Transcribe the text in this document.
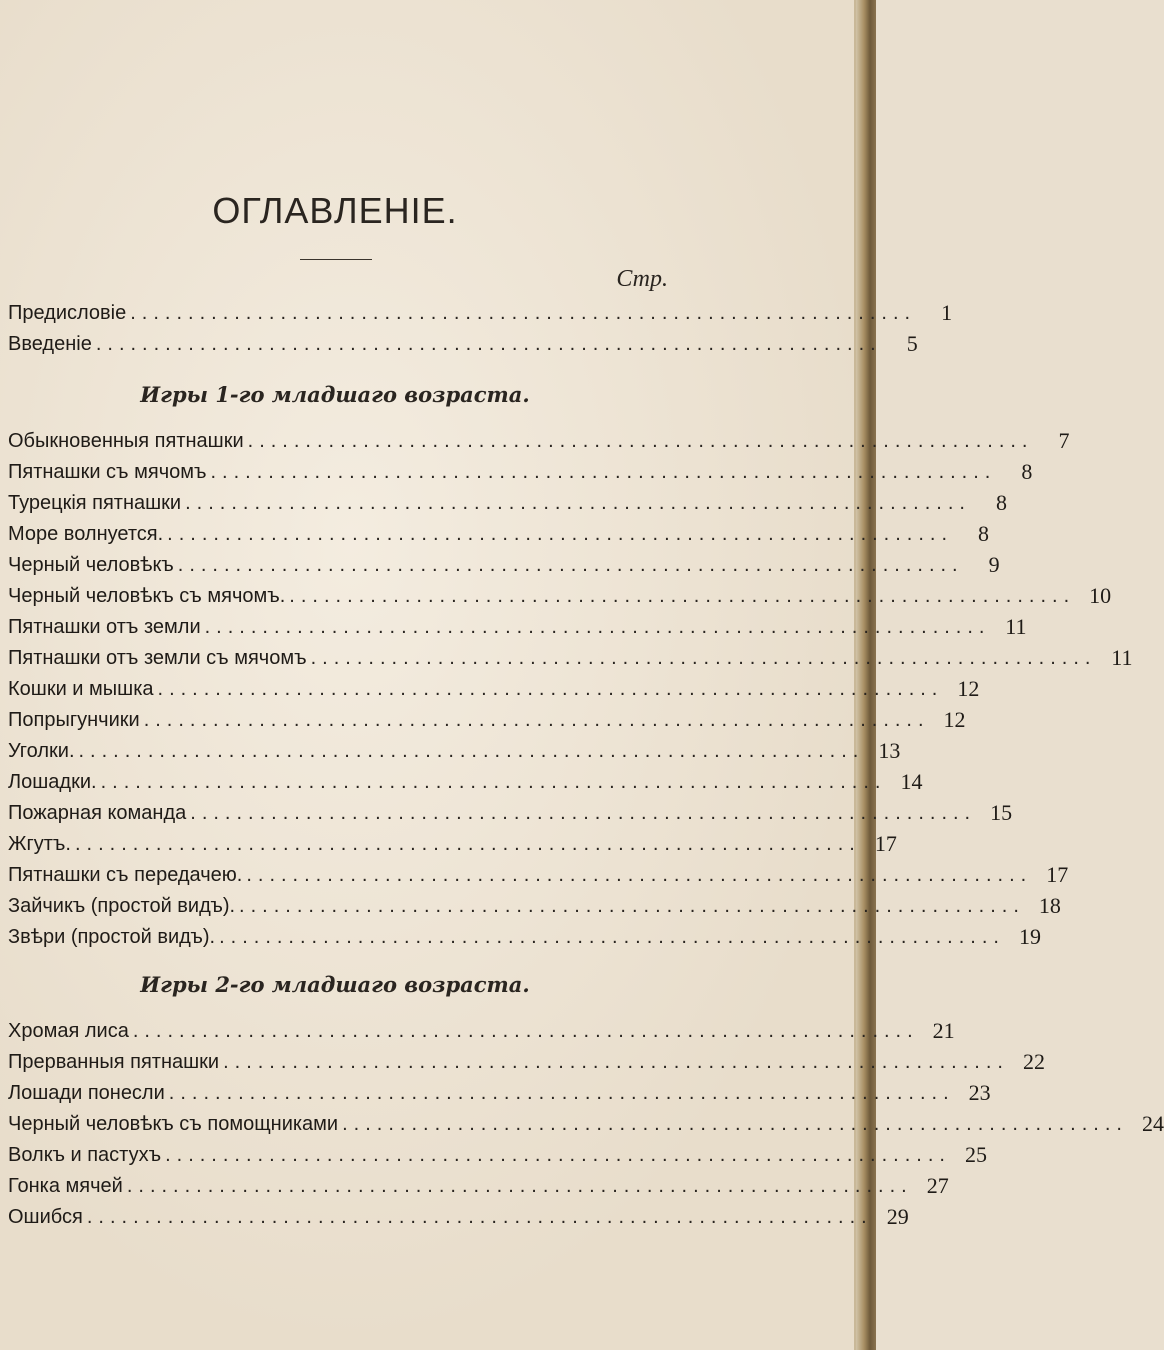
ОГЛАВЛЕНІЕ.
Стр.
Предисловіе ....................................................................	1
Введеніе ....................................................................	5
Игры 1-го младшаго возраста.
Обыкновенныя пятнашки ....................................................................	7
Пятнашки съ мячомъ ....................................................................	8
Турецкія пятнашки ....................................................................	8
Море волнуется. ....................................................................	8
Черный человѣкъ ....................................................................	9
Черный человѣкъ съ мячомъ. .................................................................... 10
Пятнашки отъ земли .................................................................... 11
Пятнашки отъ земли съ мячомъ .................................................................... 11
Кошки и мышка .................................................................... 12
Попрыгунчики .................................................................... 12
Уголки. .................................................................... 13
Лошадки. .................................................................... 14
Пожарная команда .................................................................... 15
Жгутъ. .................................................................... 17
Пятнашки съ передачею. .................................................................... 17
Зайчикъ (простой видъ). .................................................................... 18
Звѣри (простой видъ). .................................................................... 19
Игры 2-го младшаго возраста.
Хромая лиса .................................................................... 21
Прерванныя пятнашки .................................................................... 22
Лошади понесли .................................................................... 23
Черный человѣкъ съ помощниками .................................................................... 24
Волкъ и пастухъ .................................................................... 25
Гонка мячей .................................................................... 27
Ошибся .................................................................... 29
